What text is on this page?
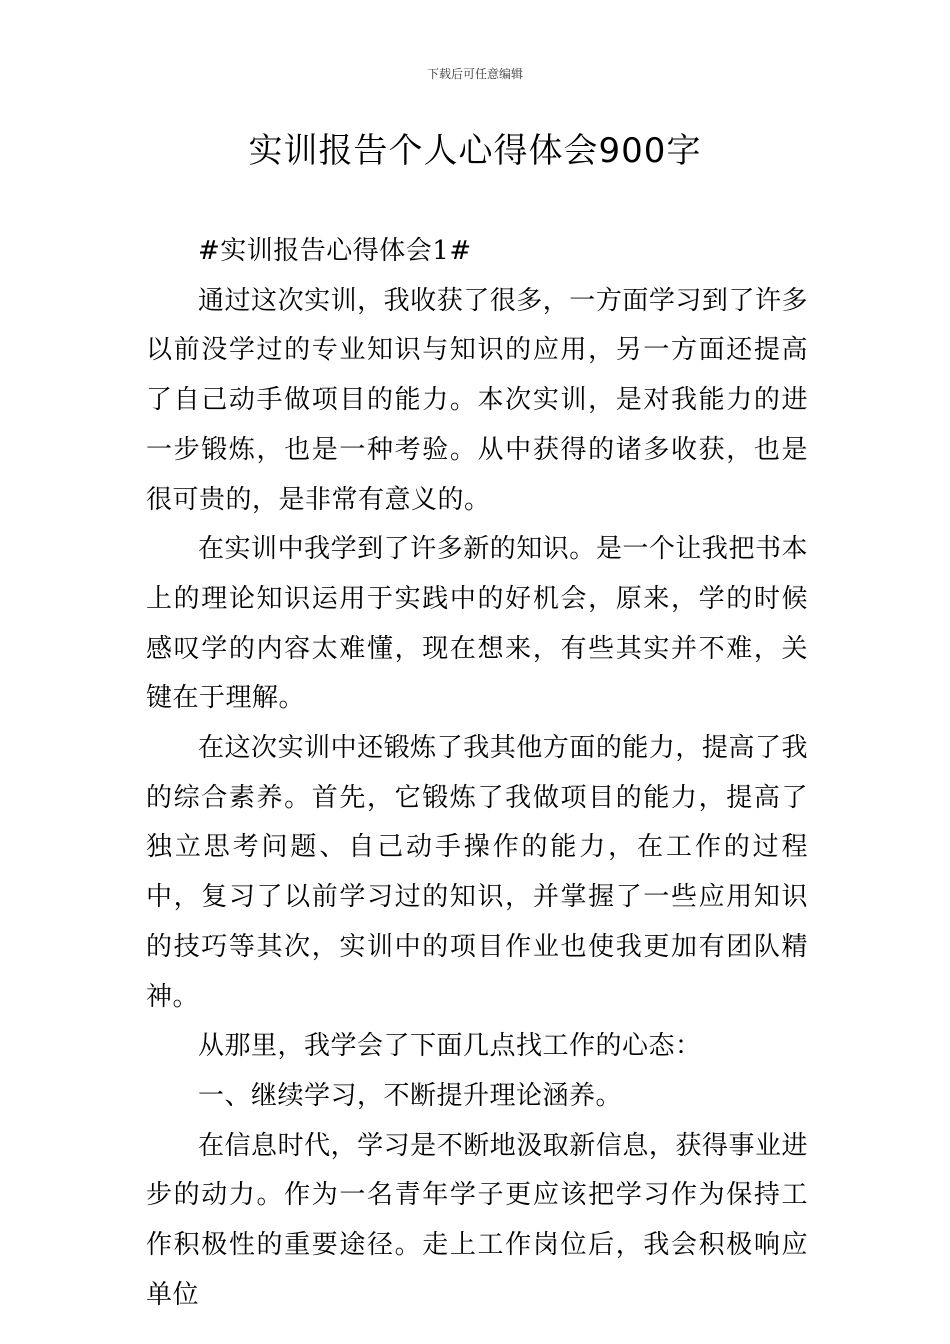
下载后可任意编辑
实训报告个人心得体会900字

#实训报告心得体会1#

通过这次实训，我收获了很多，一方面学习到了许多以前没学过的专业知识与知识的应用，另一方面还提高了自己动手做项目的能力。本次实训，是对我能力的进一步锻炼，也是一种考验。从中获得的诸多收获，也是很可贵的，是非常有意义的。

在实训中我学到了许多新的知识。是一个让我把书本上的理论知识运用于实践中的好机会，原来，学的时候感叹学的内容太难懂，现在想来，有些其实并不难，关键在于理解。

在这次实训中还锻炼了我其他方面的能力，提高了我的综合素养。首先，它锻炼了我做项目的能力，提高了独立思考问题、自己动手操作的能力，在工作的过程中，复习了以前学习过的知识，并掌握了一些应用知识的技巧等其次，实训中的项目作业也使我更加有团队精神。

从那里，我学会了下面几点找工作的心态：

一、继续学习，不断提升理论涵养。

在信息时代，学习是不断地汲取新信息，获得事业进步的动力。作为一名青年学子更应该把学习作为保持工作积极性的重要途径。走上工作岗位后，我会积极响应单位
